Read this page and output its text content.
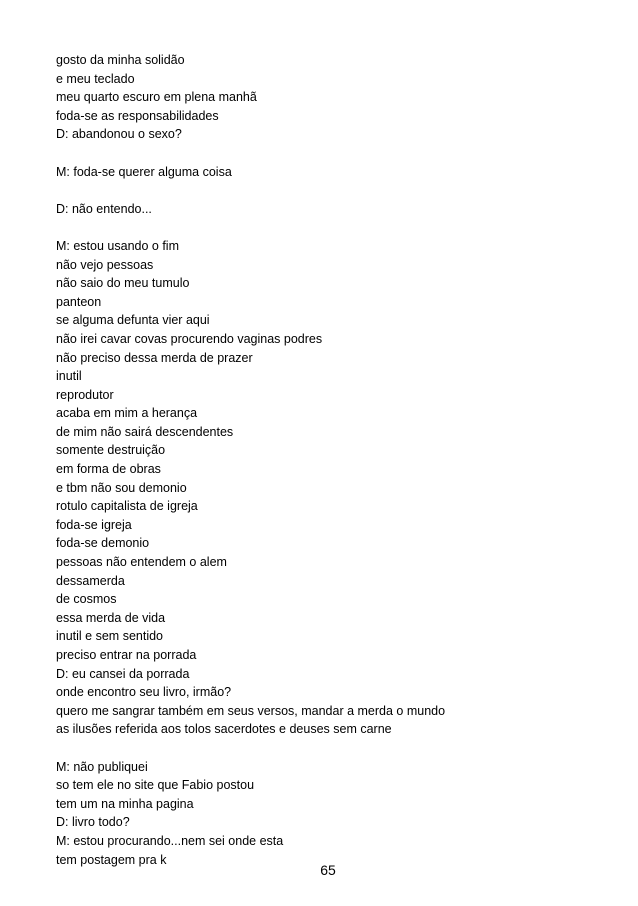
gosto da minha solidão
e meu teclado
meu quarto escuro em plena manhã
foda-se as responsabilidades
D: abandonou o sexo?
M: foda-se querer alguma coisa
D: não entendo...
M: estou usando o fim
não vejo pessoas
não saio do meu tumulo
panteon
se alguma defunta vier aqui
não irei cavar covas procurendo vaginas podres
não preciso dessa merda de prazer
inutil
reprodutor
acaba em mim a herança
de mim não sairá descendentes
somente destruição
em forma de obras
e tbm não sou demonio
rotulo capitalista de igreja
foda-se igreja
foda-se demonio
pessoas não entendem o alem
dessamerda
de cosmos
essa merda de vida
inutil e sem sentido
preciso entrar na porrada
D: eu cansei da porrada
onde encontro seu livro, irmão?
quero me sangrar também em seus versos, mandar a merda o mundo
as ilusões referida aos tolos sacerdotes e deuses sem carne
M: não publiquei
so tem ele no site que Fabio postou
tem um na minha pagina
D: livro todo?
M: estou procurando...nem sei onde esta
tem postagem pra k
65
